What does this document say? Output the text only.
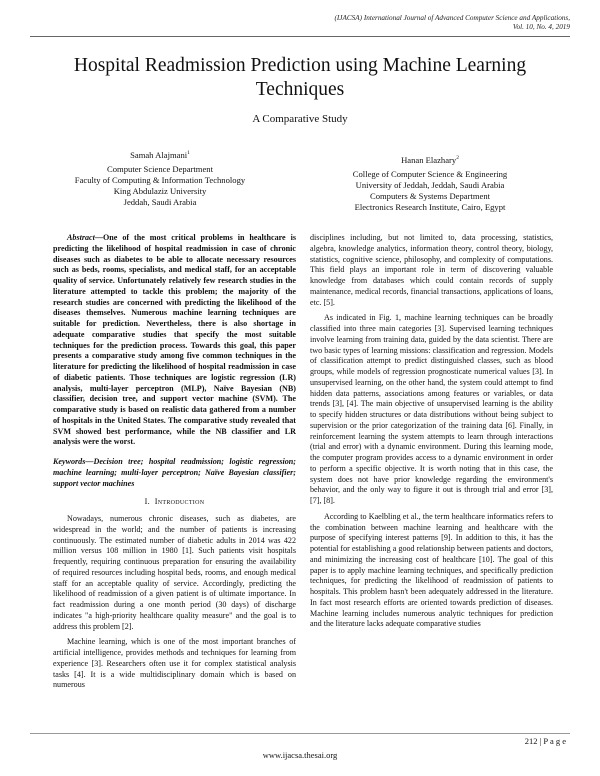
(IJACSA) International Journal of Advanced Computer Science and Applications,
Vol. 10, No. 4, 2019
Hospital Readmission Prediction using Machine Learning Techniques
A Comparative Study
Samah Alajmani$^1$
Computer Science Department
Faculty of Computing & Information Technology
King Abdulaziz University
Jeddah, Saudi Arabia
Hanan Elazhary$^2$
College of Computer Science & Engineering
University of Jeddah, Jeddah, Saudi Arabia
Computers & Systems Department
Electronics Research Institute, Cairo, Egypt

Abstract—One of the most critical problems in healthcare is predicting the likelihood of hospital readmission in case of chronic diseases such as diabetes to be able to allocate necessary resources such as beds, rooms, specialists, and medical staff, for an acceptable quality of service. Unfortunately relatively few research studies in the literature attempted to tackle this problem; the majority of the research studies are concerned with predicting the likelihood of the diseases themselves. Numerous machine learning techniques are suitable for prediction. Nevertheless, there is also shortage in adequate comparative studies that specify the most suitable techniques for the prediction process. Towards this goal, this paper presents a comparative study among five common techniques in the literature for predicting the likelihood of hospital readmission in case of diabetic patients. Those techniques are logistic regression (LR) analysis, multi-layer perceptron (MLP), Naïve Bayesian (NB) classifier, decision tree, and support vector machine (SVM). The comparative study is based on realistic data gathered from a number of hospitals in the United States. The comparative study revealed that SVM showed best performance, while the NB classifier and LR analysis were the worst.

Keywords—Decision tree; hospital readmission; logistic regression; machine learning; multi-layer perceptron; Naïve Bayesian classifier; support vector machines

I. Introduction

Nowadays, numerous chronic diseases, such as diabetes, are widespread in the world; and the number of patients is increasing continuously. The estimated number of diabetic adults in 2014 was 422 million versus 108 million in 1980 [1]. Such patients visit hospitals frequently, requiring continuous preparation for ensuring the availability of required resources including hospital beds, rooms, and enough medical staff for an acceptable quality of service. Accordingly, predicting the likelihood of readmission of a given patient is of ultimate importance. In fact readmission during a one month period (30 days) of discharge indicates "a high-priority healthcare quality measure" and the goal is to address this problem [2].

Machine learning, which is one of the most important branches of artificial intelligence, provides methods and techniques for learning from experience [3]. Researchers often use it for complex statistical analysis tasks [4]. It is a wide multidisciplinary domain which is based on numerous

disciplines including, but not limited to, data processing, statistics, algebra, knowledge analytics, information theory, control theory, biology, statistics, cognitive science, philosophy, and complexity of computations. This field plays an important role in term of discovering valuable knowledge from databases which could contain records of supply maintenance, medical records, financial transactions, applications of loans, etc. [5].

As indicated in Fig. 1, machine learning techniques can be broadly classified into three main categories [3]. Supervised learning techniques involve learning from training data, guided by the data scientist. There are two basic types of learning missions: classification and regression. Models of classification attempt to predict distinguished classes, such as blood groups, while models of regression prognosticate numerical values [3]. In unsupervised learning, on the other hand, the system could attempt to find hidden data patterns, associations among features or variables, or data trends [3], [4]. The main objective of unsupervised learning is the ability to specify hidden structures or data distributions without being subject to supervision or the prior categorization of the training data [6]. Finally, in reinforcement learning the system attempts to learn through interactions (trial and error) with a dynamic environment. During this learning mode, the computer program provides access to a dynamic environment in order to perform a specific objective. It is worth noting that in this case, the system does not have prior knowledge regarding the environment's behavior, and the only way to figure it out is through trial and error [3], [7], [8].

According to Kaelbling et al., the term healthcare informatics refers to the combination between machine learning and healthcare with the purpose of specifying interest patterns [9]. In addition to this, it has the potential for establishing a good relationship between patients and doctors, and minimizing the increasing cost of healthcare [10]. The goal of this paper is to apply machine learning techniques, and specifically prediction techniques, for predicting the likelihood of readmission of patients to hospitals. This problem hasn't been adequately addressed in the literature. In fact most research efforts are oriented towards prediction of diseases. Machine learning includes numerous analytic techniques for prediction and the literature lacks adequate comparative studies

212 | P a g e
www.ijacsa.thesai.org
